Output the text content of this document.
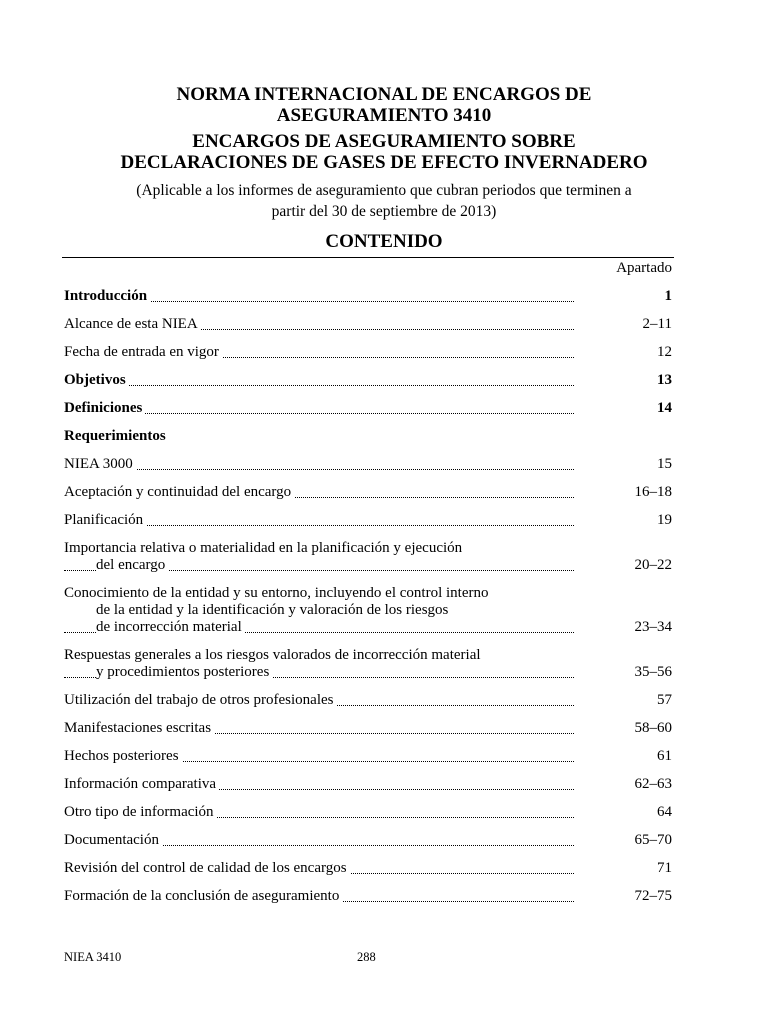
NORMA INTERNACIONAL DE ENCARGOS DE
ASEGURAMIENTO 3410
ENCARGOS DE ASEGURAMIENTO SOBRE
DECLARACIONES DE GASES DE EFECTO INVERNADERO
(Aplicable a los informes de aseguramiento que cubran periodos que terminen a
partir del 30 de septiembre de 2013)
CONTENIDO
Apartado
Introducción	1
Alcance de esta NIEA	2–11
Fecha de entrada en vigor	12
Objetivos	13
Definiciones	14
Requerimientos
NIEA 3000	15
Aceptación y continuidad del encargo	16–18
Planificación	19
Importancia relativa o materialidad en la planificación y ejecución
del encargo	20–22
Conocimiento de la entidad y su entorno, incluyendo el control interno
de la entidad y la identificación y valoración de los riesgos
de incorrección material	23–34
Respuestas generales a los riesgos valorados de incorrección material
y procedimientos posteriores	35–56
Utilización del trabajo de otros profesionales	57
Manifestaciones escritas	58–60
Hechos posteriores	61
Información comparativa	62–63
Otro tipo de información	64
Documentación	65–70
Revisión del control de calidad de los encargos	71
Formación de la conclusión de aseguramiento	72–75
NIEA 3410	288
